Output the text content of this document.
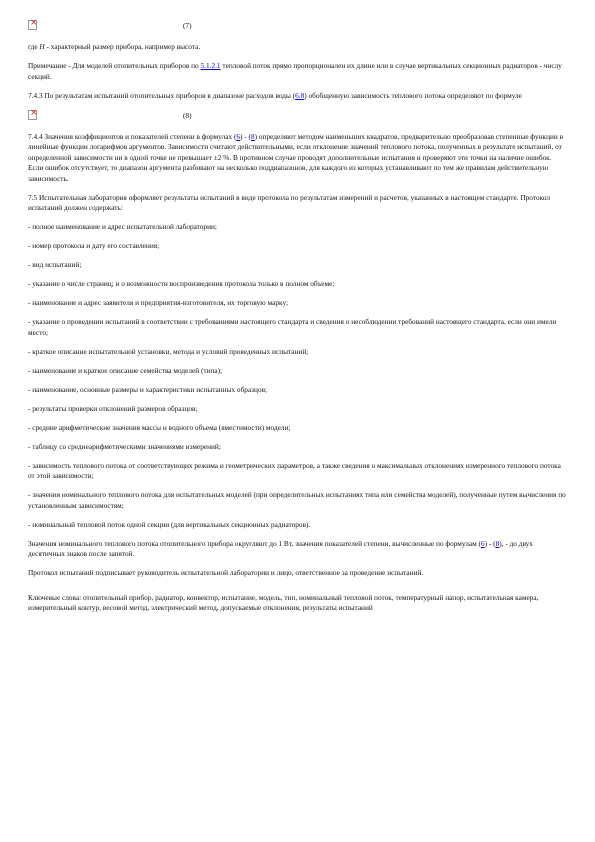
×
(7)

где H - характерный размер прибора, например высота.

Примечание - Для моделей отопительных приборов по 5.1.2.1 тепловой поток прямо пропорционален их длине или в случае вертикальных секционных радиаторов - числу секций.

7.4.3 По результатам испытаний отопительных приборов в диапазоне расходов воды (6.8) обобщенную зависимость теплового потока определяют по формуле

×
(8)

7.4.4 Значения коэффициентов и показателей степени в формулах (6) - (8) определяют методом наименьших квадратов, предварительно преобразовав степенные функции в линейные функции логарифмов аргументов. Зависимости считают действительными, если отклонение значений теплового потока, полученных в результате испытаний, от определенной зависимости ни в одной точке не превышает ±2 %. В противном случае проводят дополнительные испытания и проверяют эти точки на наличие ошибок. Если ошибок отсутствует, то диапазон аргумента разбивают на несколько поддиапазонов, для каждого из которых устанавливают по тем же правилам действительную зависимость.

7.5 Испытательная лаборатория оформляет результаты испытаний в виде протокола по результатам измерений и расчетов, указанных в настоящем стандарте. Протокол испытаний должен содержать:

- полное наименование и адрес испытательной лаборатории;

- номер протокола и дату его составления;

- вид испытаний;

- указание о числе страниц; и о возможности воспроизведения протокола только в полном объеме;

- наименование и адрес заявителя и предприятия-изготовителя, их торговую марку;

- указание о проведении испытаний в соответствии с требованиями настоящего стандарта и сведения о несоблюдении требований настоящего стандарта, если они имели место;

- краткое описание испытательной установки, метода и условий проведенных испытаний;

- наименование и краткое описание семейства моделей (типа);

- наименование, основные размеры и характеристики испытанных образцов;

- результаты проверки отклонений размеров образцов;

- средние арифметические значения массы и водного объема (вместимости) модели;

- таблицу со среднеарифметическими значениями измерений;

- зависимость теплового потока от соответствующих режима и геометрических параметров, а также сведения о максимальных отклонениях измеренного теплового потока от этой зависимости;

- значения номинального теплового потока для испытательных моделей (при определительных испытаниях типа или семейства моделей), полученные путем вычисления по установленным зависимостям;

- номинальный тепловой поток одной секции (для вертикальных секционных радиаторов).

Значения номинального теплового потока отопительного прибора округляют до 1 Вт, значения показателей степени, вычисленные по формулам (6) - (8), - до двух десятичных знаков после запятой.

Протокол испытаний подписывает руководитель испытательной лаборатории и лицо, ответственное за проведение испытаний.

Ключевые слова: отопительный прибор, радиатор, конвектор, испытание, модель, тип, номинальный тепловой поток, температурный напор, испытательная камера, измерительный контур, весовой метод, электрический метод, допускаемые отклонения, результаты испытаний
